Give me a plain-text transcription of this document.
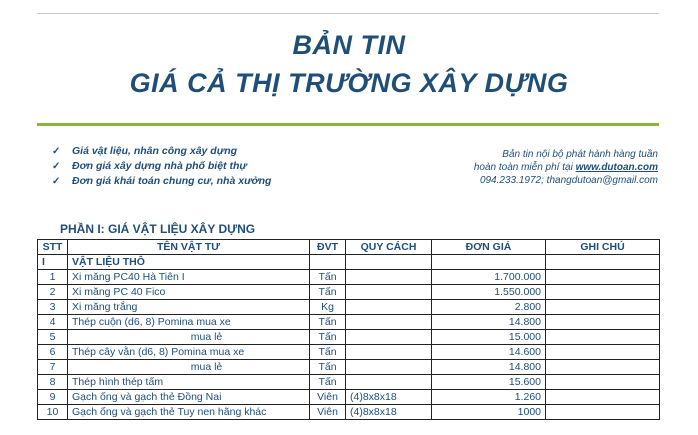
BẢN TIN
GIÁ CẢ THỊ TRƯỜNG XÂY DỰNG
✓ Giá vật liệu, nhân công xây dựng
✓ Đơn giá xây dựng nhà phố biệt thự
✓ Đơn giá khái toán chung cư, nhà xưởng
Bản tin nội bộ phát hành hàng tuần
hoàn toàn miễn phí tại www.dutoan.com
094.233.1972; thangdutoan@gmail.com
PHẦN I: GIÁ VẬT LIỆU XÂY DỰNG
STT	TÊN VẬT TƯ	ĐVT	QUY CÁCH	ĐƠN GIÁ	GHI CHÚ
I	VẬT LIỆU THÔ				
1	Xi măng PC40 Hà Tiên I	Tấn		1.700.000	
2	Xi măng PC 40 Fico	Tấn		1.550.000	
3	Xi măng trắng	Kg		2.800	
4	Thép cuộn (d6, 8) Pomina mua xe	Tấn		14.800	
5	mua lẻ	Tấn		15.000	
6	Thép cây vằn (d6, 8) Pomina mua xe	Tấn		14.600	
7	mua lẻ	Tấn		14.800	
8	Thép hình thép tấm	Tấn		15.600	
9	Gạch ống và gạch thẻ Đồng Nai	Viên	(4)8x8x18	1.260	
10	Gạch ống và gạch thẻ Tuy nen hãng khác	Viên	(4)8x8x18	1000	
